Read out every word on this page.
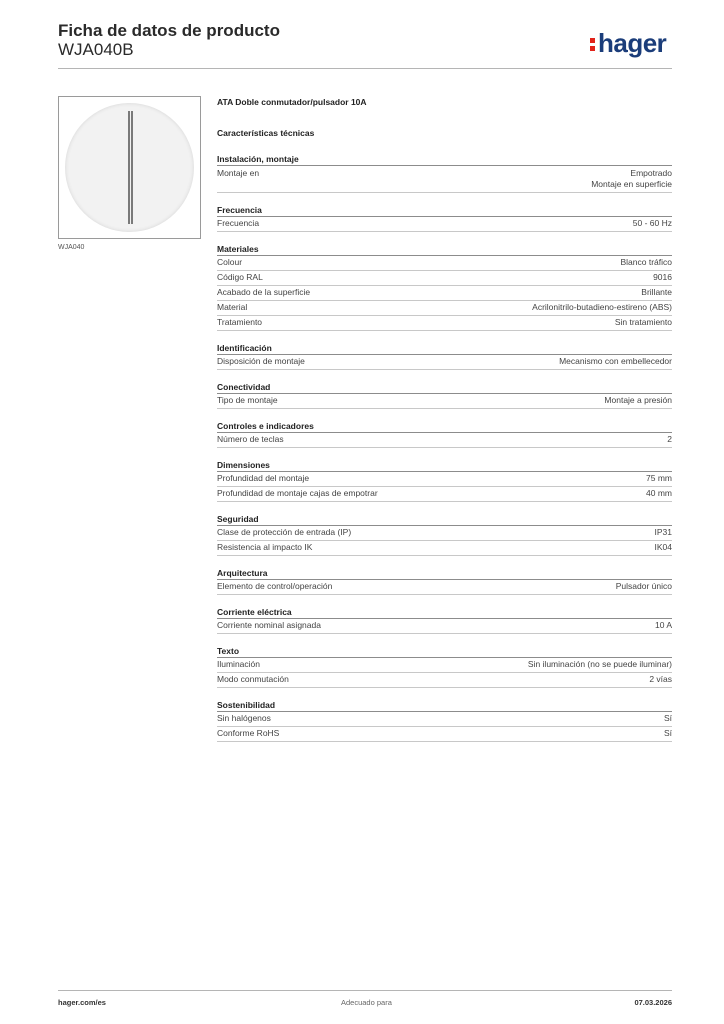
Ficha de datos de producto
WJA040B	hager
WJA040
ATA Doble conmutador/pulsador 10A
Características técnicas
Instalación, montaje
Montaje en	Empotrado
Montaje en superficie
Frecuencia
Frecuencia	50 - 60 Hz
Materiales
Colour	Blanco tráfico
Código RAL	9016
Acabado de la superficie	Brillante
Material	Acrilonitrilo-butadieno-estireno (ABS)
Tratamiento	Sin tratamiento
Identificación
Disposición de montaje	Mecanismo con embellecedor
Conectividad
Tipo de montaje	Montaje a presión
Controles e indicadores
Número de teclas	2
Dimensiones
Profundidad del montaje	75 mm
Profundidad de montaje cajas de empotrar	40 mm
Seguridad
Clase de protección de entrada (IP)	IP31
Resistencia al impacto IK	IK04
Arquitectura
Elemento de control/operación	Pulsador único
Corriente eléctrica
Corriente nominal asignada	10 A
Texto
Iluminación	Sin iluminación (no se puede iluminar)
Modo conmutación	2 vías
Sostenibilidad
Sin halógenos	Sí
Conforme RoHS	Sí
hager.com/es	Adecuado para	07.03.2026
